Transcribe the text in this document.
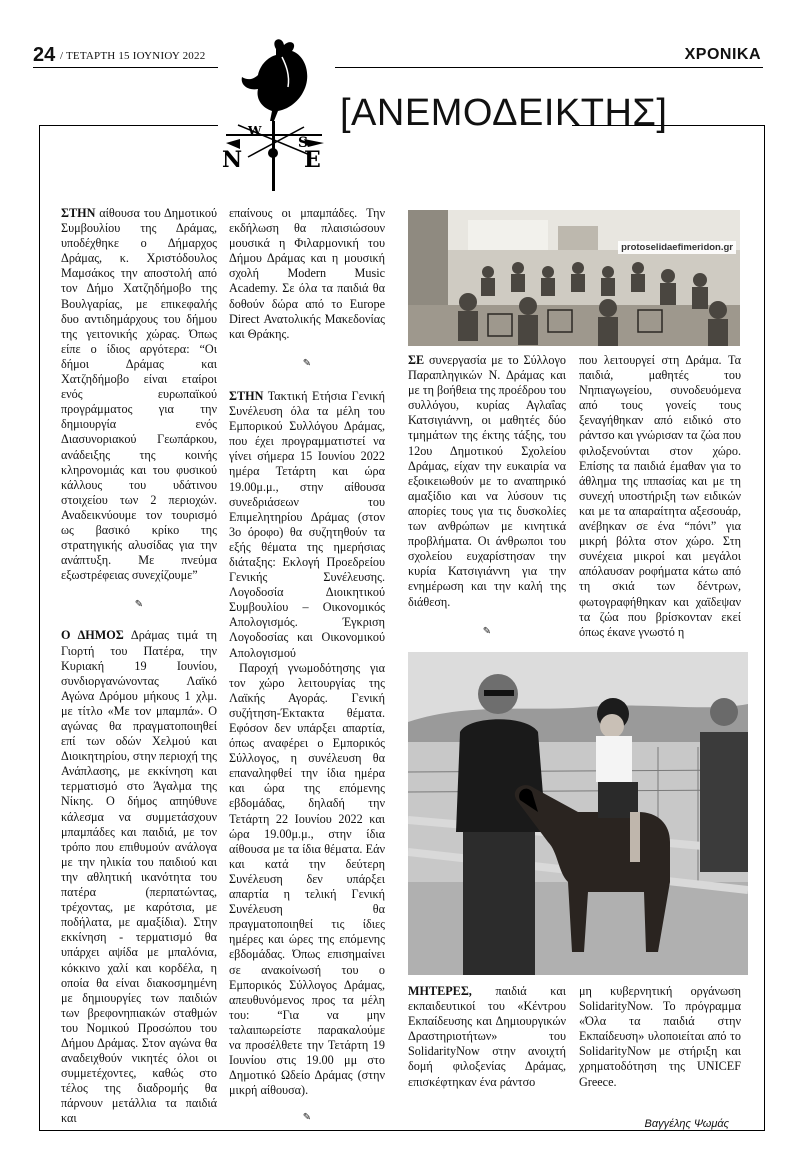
24 / ΤΕΤΑΡΤΗ 15 ΙΟΥΝΙΟΥ 2022	ΧΡΟΝΙΚΑ
W
S
N	E
[ΑΝΕΜΟΔΕΙΚΤΗΣ]

ΣΤΗΝ αίθουσα του Δημοτικού Συμβουλίου της Δράμας, υποδέχθηκε ο Δήμαρχος Δράμας, κ. Χριστόδουλος Μαμσάκος την αποστολή από τον Δήμο Χατζηδήμοβο της Βουλγαρίας, με επικεφαλής δυο αντιδημάρχους του δήμου της γειτονικής χώρας. Όπως είπε ο ίδιος αργότερα: “Οι δήμοι Δράμας και Χατζηδήμοβο είναι εταίροι ενός ευρωπαϊκού προγράμματος για την δημιουργία ενός Διασυνοριακού Γεωπάρκου, ανάδειξης της κοινής κληρονομιάς και του φυσικού κάλλους του υδάτινου στοιχείου των 2 περιοχών. Αναδεικνύουμε τον τουρισμό ως βασικό κρίκο της στρατηγικής αλυσίδας για την ανάπτυξη. Με πνεύμα εξωστρέφειας συνεχίζουμε”

✎

Ο ΔΗΜΟΣ Δράμας τιμά τη Γιορτή του Πατέρα, την Κυριακή 19 Ιουνίου, συνδιοργανώνοντας Λαϊκό Αγώνα Δρόμου μήκους 1 χλμ. με τίτλο «Με τον μπαμπά». Ο αγώνας θα πραγματοποιηθεί επί των οδών Χελμού και Διοικητηρίου, στην περιοχή της Ανάπλασης, με εκκίνηση και τερματισμό στο Άγαλμα της Νίκης. Ο δήμος απηύθυνε κάλεσμα να συμμετάσχουν μπαμπάδες και παιδιά, με τον τρόπο που επιθυμούν ανάλογα με την ηλικία του παιδιού και την αθλητική ικανότητα του πατέρα (περπατώντας, τρέχοντας, με καρότσια, με ποδήλατα, με αμαξίδια). Στην εκκίνηση - τερματισμό θα υπάρχει αψίδα με μπαλόνια, κόκκινο χαλί και κορδέλα, η οποία θα είναι διακοσμημένη με δημιουργίες των παιδιών των βρεφονηπιακών σταθμών του Νομικού Προσώπου του Δήμου Δράμας. Στον αγώνα θα αναδειχθούν νικητές όλοι οι συμμετέχοντες, καθώς στο τέλος της διαδρομής θα πάρνουν μετάλλια τα παιδιά και

επαίνους οι μπαμπάδες. Την εκδήλωση θα πλαισιώσουν μουσικά η Φιλαρμονική του Δήμου Δράμας και η μουσική σχολή Modern Music Academy. Σε όλα τα παιδιά θα δοθούν δώρα από το Europe Direct Ανατολικής Μακεδονίας και Θράκης.

✎

ΣΤΗΝ Τακτική Ετήσια Γενική Συνέλευση όλα τα μέλη του Εμπορικού Συλλόγου Δράμας, που έχει προγραμματιστεί να γίνει σήμερα 15 Ιουνίου 2022 ημέρα Τετάρτη και ώρα 19.00μ.μ., στην αίθουσα συνεδριάσεων του Επιμελητηρίου Δράμας (στον 3ο όροφο) θα συζητηθούν τα εξής θέματα της ημερήσιας διάταξης: Εκλογή Προεδρείου Γενικής Συνέλευσης. Λογοδοσία Διοικητικού Συμβουλίου – Οικονομικός Απολογισμός. Έγκριση Λογοδοσίας και Οικονομικού Απολογισμού

Παροχή γνωμοδότησης για τον χώρο λειτουργίας της Λαϊκής Αγοράς. Γενική συζήτηση-Έκτακτα θέματα. Εφόσον δεν υπάρξει απαρτία, όπως αναφέρει ο Εμπορικός Σύλλογος, η συνέλευση θα επαναληφθεί την ίδια ημέρα και ώρα της επόμενης εβδομάδας, δηλαδή την Τετάρτη 22 Ιουνίου 2022 και ώρα 19.00μ.μ., στην ίδια αίθουσα με τα ίδια θέματα. Εάν και κατά την δεύτερη Συνέλευση δεν υπάρξει απαρτία η τελική Γενική Συνέλευση θα πραγματοποιηθεί τις ίδιες ημέρες και ώρες της επόμενης εβδομάδας. Όπως επισημαίνει σε ανακοίνωσή του ο Εμπορικός Σύλλογος Δράμας, απευθυνόμενος προς τα μέλη του: “Για να μην ταλαιπωρείστε παρακαλούμε να προσέλθετε την Τετάρτη 19 Ιουνίου στις 19.00 μμ στο Δημοτικό Ωδείο Δράμας (στην μικρή αίθουσα).

✎
protoselidaefimeridon.gr

ΣΕ συνεργασία με το Σύλλογο Παραπληγικών Ν. Δράμας και με τη βοήθεια της προέδρου του συλλόγου, κυρίας Αγλαΐας Κατσιγιάννη, οι μαθητές δύο τμημάτων της έκτης τάξης, του 12ου Δημοτικού Σχολείου Δράμας, είχαν την ευκαιρία να εξοικειωθούν με το αναπηρικό αμαξίδιο και να λύσουν τις απορίες τους για τις δυσκολίες των ανθρώπων με κινητικά προβλήματα. Οι άνθρωποι του σχολείου ευχαρίστησαν την κυρία Κατσιγιάννη για την ενημέρωση και την καλή της διάθεση.

✎

που λειτουργεί στη Δράμα. Τα παιδιά, μαθητές του Νηπιαγωγείου, συνοδευόμενα από τους γονείς τους ξεναγήθηκαν από ειδικό στο ράντσο και γνώρισαν τα ζώα που φιλοξενούνται στον χώρο. Επίσης τα παιδιά έμαθαν για το άθλημα της ιππασίας και με τη συνεχή υποστήριξη των ειδικών και με τα απαραίτητα αξεσουάρ, ανέβηκαν σε ένα “πόνι” για μικρή βόλτα στον χώρο. Στη συνέχεια μικροί και μεγάλοι απόλαυσαν ροφήματα κάτω από τη σκιά των δέντρων, φωτογραφήθηκαν και χαϊδεψαν τα ζώα που βρίσκονταν εκεί όπως έκανε γνωστό η

ΜΗΤΕΡΕΣ, παιδιά και εκπαιδευτικοί του «Κέντρου Εκπαίδευσης και Δημιουργικών Δραστηριοτήτων» του SolidarityNow στην ανοιχτή δομή φιλοξενίας Δράμας, επισκέφτηκαν ένα ράντσο

μη κυβερνητική οργάνωση SolidarityNow. Το πρόγραμμα «Όλα τα παιδιά στην Εκπαίδευση» υλοποιείται από το SolidarityNow με στήριξη και χρηματοδότηση της UNICEF Greece.

Βαγγέλης Ψωμάς
